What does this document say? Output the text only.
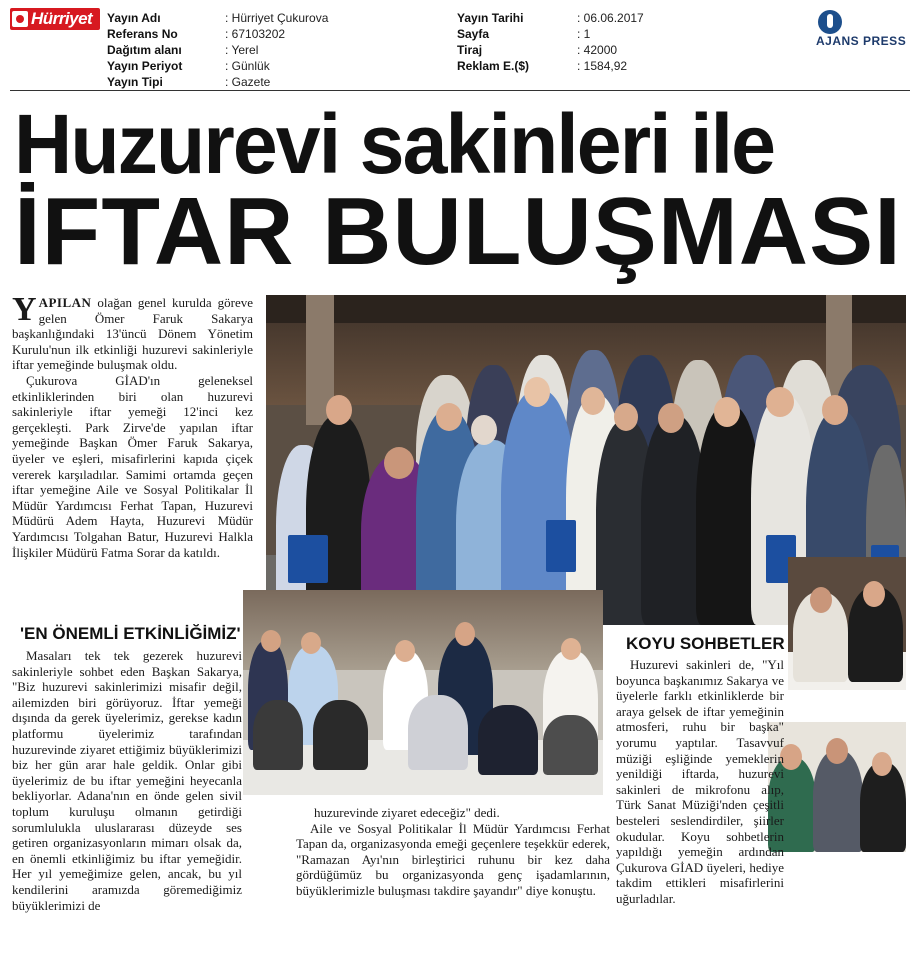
Hürriyet Yayın Adı	: Hürriyet Çukurova
Referans No	: 67103202
Dağıtım alanı	: Yerel
Yayın Periyot	: Günlük
Yayın Tipi	: Gazete
Yayın Tarihi	: 06.06.2017
Sayfa	: 1
Tiraj	: 42000
Reklam E.($)	: 1584,92
AJANS PRESS
Huzurevi sakinleri ile
İFTAR BULUŞMASI

YAPILAN olağan genel kurulda göreve gelen Ömer Faruk Sakarya başkanlığındaki 13'üncü Dönem Yönetim Kurulu'nun ilk etkinliği huzurevi sakinleriyle iftar yemeğinde buluşmak oldu.

Çukurova GİAD'ın geleneksel etkinliklerinden biri olan huzurevi sakinleriyle iftar yemeği 12'inci kez gerçekleşti. Park Zirve'de yapılan iftar yemeğinde Başkan Ömer Faruk Sakarya, üyeler ve eşleri, misafirlerini kapıda çiçek vererek karşıladılar. Samimi ortamda geçen iftar yemeğine Aile ve Sosyal Politikalar İl Müdür Yardımcısı Ferhat Tapan, Huzurevi Müdürü Adem Hayta, Huzurevi Müdür Yardımcısı Tolgahan Batur, Huzurevi Halkla İlişkiler Müdürü Fatma Sorar da katıldı.

'EN ÖNEMLİ ETKİNLİĞİMİZ'

Masaları tek tek gezerek huzurevi sakinleriyle sohbet eden Başkan Sakarya, "Biz huzurevi sakinlerimizi misafir değil, ailemizden biri görüyoruz. İftar yemeği dışında da gerek üyelerimiz, gerekse kadın platformu üyelerimiz tarafından huzurevinde ziyaret ettiğimiz büyüklerimizi biz her gün arar hale geldik. Onlar gibi üyelerimiz de bu iftar yemeğini heyecanla bekliyorlar. Adana'nın en önde gelen sivil toplum kuruluşu olmanın getirdiği sorumlulukla uluslararası düzeyde ses getiren organizasyonların mimarı olsak da, en önemli etkinliğimiz bu iftar yemeğidir. Her yıl yemeğimize gelen, ancak, bu yıl kendilerini aramızda göremediğimiz büyüklerimizi de

huzurevinde ziyaret edeceğiz" dedi.

Aile ve Sosyal Politikalar İl Müdür Yardımcısı Ferhat Tapan da, organizasyonda emeği geçenlere teşekkür ederek, "Ramazan Ayı'nın birleştirici ruhunu bir kez daha gördüğümüz bu organizasyonda genç işadamlarının, büyüklerimizle buluşması takdire şayandır" diye konuştu.

KOYU SOHBETLER

Huzurevi sakinleri de, "Yıl boyunca başkanımız Sakarya ve üyelerle farklı etkinliklerde bir araya gelsek de iftar yemeğinin atmosferi, ruhu bir başka" yorumu yaptılar. Tasavvuf müziği eşliğinde yemeklerin yenildiği iftarda, huzurevi sakinleri de mikrofonu alıp, Türk Sanat Müziği'nden çeşitli besteleri seslendirdiler, şiirler okudular. Koyu sohbetlerin yapıldığı yemeğin ardından Çukurova GİAD üyeleri, hediye takdim ettikleri misafirlerini uğurladılar.
